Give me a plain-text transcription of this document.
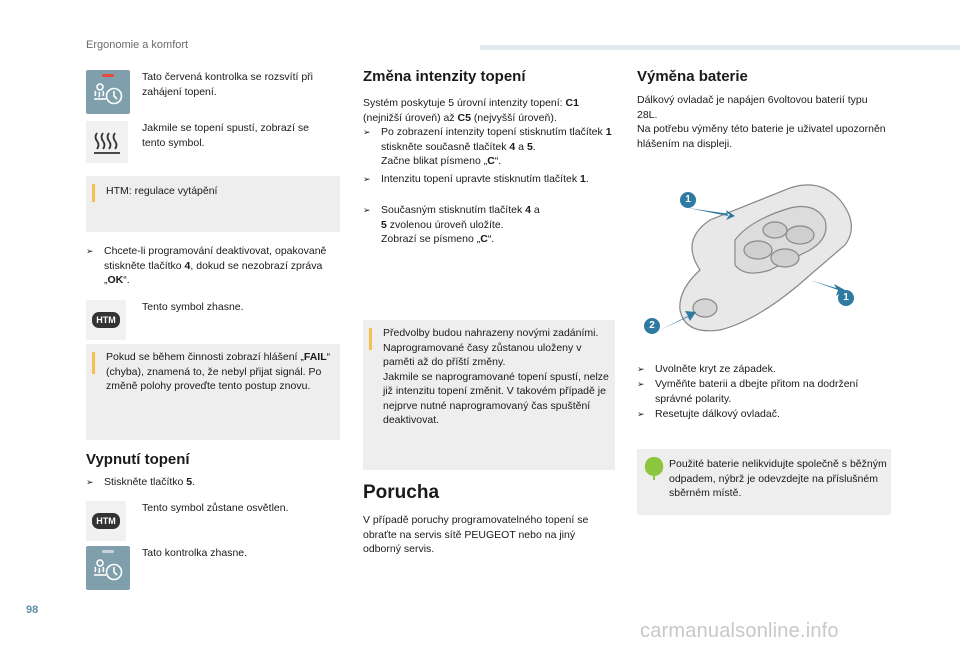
Ergonomie a komfort
Tato červená kontrolka se rozsvítí při zahájení topení.
Jakmile se topení spustí, zobrazí se tento symbol.
HTM: regulace vytápění
➢ Chcete-li programování deaktivovat, opakovaně stiskněte tlačítko 4, dokud se nezobrazí zpráva „OK“.
HTM
Tento symbol zhasne.
Pokud se během činnosti zobrazí hlášení „FAIL“ (chyba), znamená to, že nebyl přijat signál. Po změně polohy proveďte tento postup znovu.
Vypnutí topení
➢ Stiskněte tlačítko 5.
HTM
Tento symbol zůstane osvětlen.
Tato kontrolka zhasne.
Změna intenzity topení
Systém poskytuje 5 úrovní intenzity topení: C1 (nejnižší úroveň) až C5 (nejvyšší úroveň).
➢ Po zobrazení intenzity topení stisknutím tlačítek 1 stiskněte současně tlačítek 4 a 5.
Začne blikat písmeno „C“.
➢ Intenzitu topení upravte stisknutím tlačítek 1.
➢ Současným stisknutím tlačítek 4 a
5 zvolenou úroveň uložíte.
Zobrazí se písmeno „C“.
Předvolby budou nahrazeny novými zadáními. Naprogramované časy zůstanou uloženy v paměti až do příští změny.
Jakmile se naprogramované topení spustí, nelze již intenzitu topení změnit. V takovém případě je nejprve nutné naprogramovaný čas spuštění deaktivovat.
Porucha
V případě poruchy programovatelného topení se obraťte na servis sítě PEUGEOT nebo na jiný odborný servis.
Výměna baterie
Dálkový ovladač je napájen 6voltovou baterií typu 28L.
Na potřebu výměny této baterie je uživatel upozorněn hlášením na displeji.
1
1
2
➢ Uvolněte kryt ze západek.
➢ Vyměňte baterii a dbejte přitom na dodržení správné polarity.
➢ Resetujte dálkový ovladač.
Použité baterie nelikvidujte společně s běžným odpadem, nýbrž je odevzdejte na příslušném sběrném místě.
98
carmanualsonline.info
